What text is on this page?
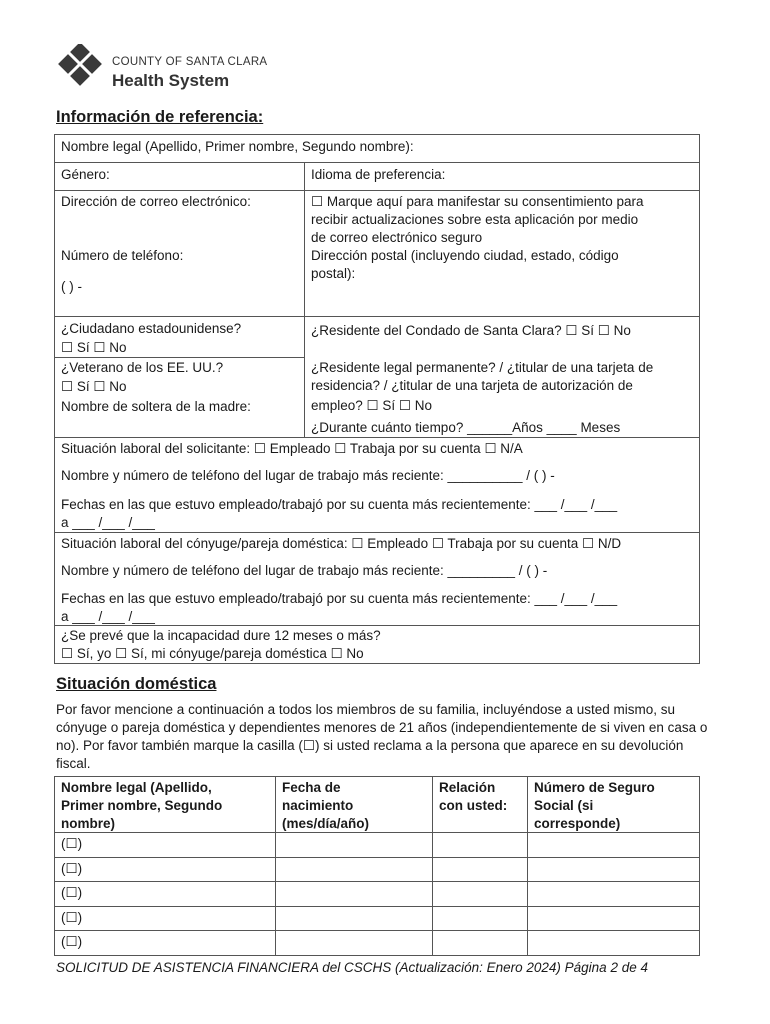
COUNTY OF SANTA CLARA
Health System
Información de referencia:
Nombre legal (Apellido, Primer nombre, Segundo nombre):
Género:	Idioma de preferencia:
Dirección de correo electrónico:	☐ Marque aquí para manifestar su consentimiento para
recibir actualizaciones sobre esta aplicación por medio
de correo electrónico seguro
Número de teléfono:
( ) -
Dirección postal (incluyendo ciudad, estado, código
postal):
¿Ciudadano estadounidense?
☐ Sí ☐ No
¿Residente del Condado de Santa Clara? ☐ Sí ☐ No
¿Veterano de los EE. UU.?
☐ Sí ☐ No
Nombre de soltera de la madre:
¿Residente legal permanente? / ¿titular de una tarjeta de
residencia? / ¿titular de una tarjeta de autorización de
empleo? ☐ Sí ☐ No
¿Durante cuánto tiempo? ______Años ____ Meses
Situación laboral del solicitante: ☐ Empleado ☐ Trabaja por su cuenta ☐ N/A
Nombre y número de teléfono del lugar de trabajo más reciente: __________ / ( ) -
Fechas en las que estuvo empleado/trabajó por su cuenta más recientemente: ___ /___ /___
a ___ /___ /___
Situación laboral del cónyuge/pareja doméstica: ☐ Empleado ☐ Trabaja por su cuenta ☐ N/D
Nombre y número de teléfono del lugar de trabajo más reciente: _________ / ( ) -
Fechas en las que estuvo empleado/trabajó por su cuenta más recientemente: ___ /___ /___
a ___ /___ /___
¿Se prevé que la incapacidad dure 12 meses o más?
☐ Sí, yo ☐ Sí, mi cónyuge/pareja doméstica ☐ No
Situación doméstica
Por favor mencione a continuación a todos los miembros de su familia, incluyéndose a usted mismo, su cónyuge o pareja doméstica y dependientes menores de 21 años (independientemente de si viven en casa o no). Por favor también marque la casilla (☐) si usted reclama a la persona que aparece en su devolución fiscal.
Nombre legal (Apellido,
Primer nombre, Segundo
nombre)
Fecha de
nacimiento
(mes/día/año)
Relación
con usted:
Número de Seguro
Social (si
corresponde)
(☐)
(☐)
(☐)
(☐)
(☐)
SOLICITUD DE ASISTENCIA FINANCIERA del CSCHS (Actualización: Enero 2024) Página 2 de 4
